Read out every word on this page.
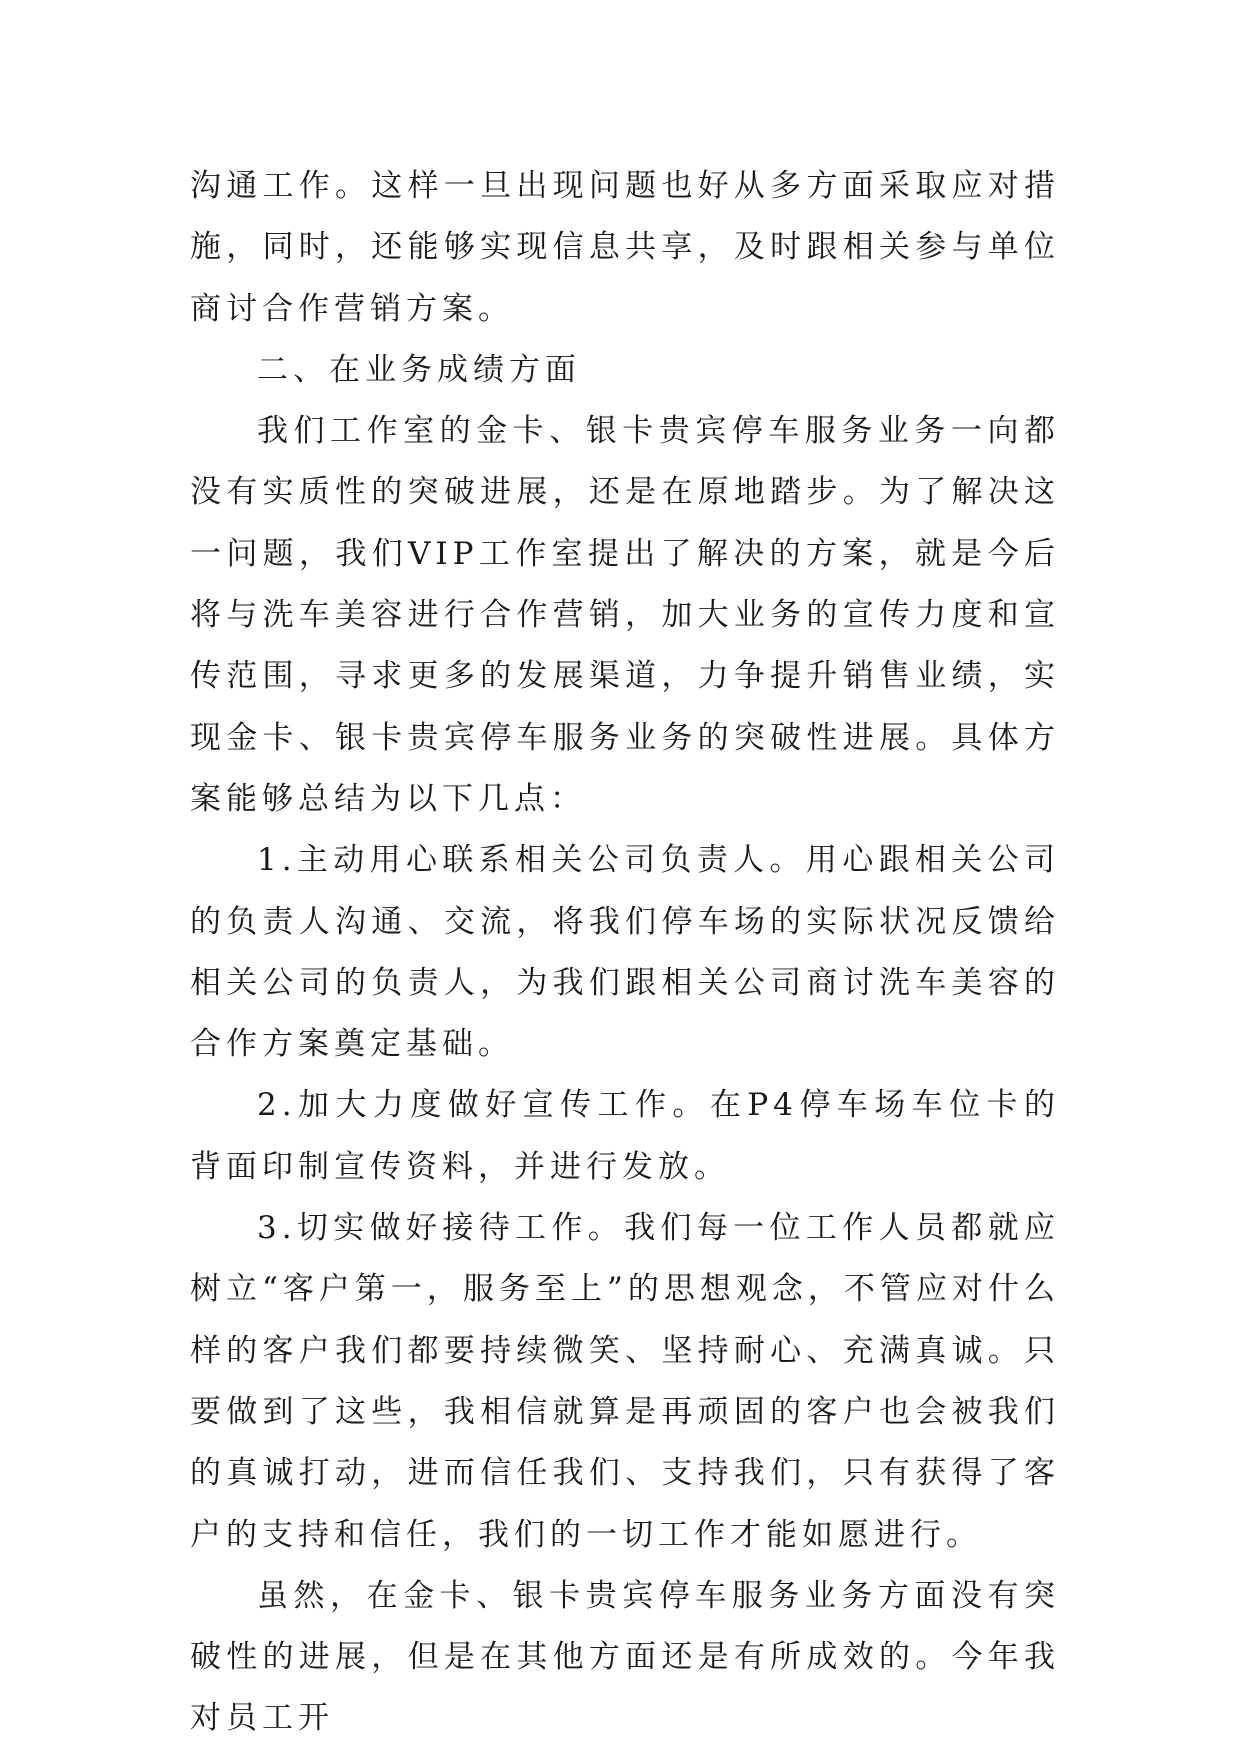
沟通工作。这样一旦出现问题也好从多方面采取应对措施，同时，还能够实现信息共享，及时跟相关参与单位商讨合作营销方案。

二、在业务成绩方面

我们工作室的金卡、银卡贵宾停车服务业务一向都没有实质性的突破进展，还是在原地踏步。为了解决这一问题，我们VIP工作室提出了解决的方案，就是今后将与洗车美容进行合作营销，加大业务的宣传力度和宣传范围，寻求更多的发展渠道，力争提升销售业绩，实现金卡、银卡贵宾停车服务业务的突破性进展。具体方案能够总结为以下几点：

1.主动用心联系相关公司负责人。用心跟相关公司的负责人沟通、交流，将我们停车场的实际状况反馈给相关公司的负责人，为我们跟相关公司商讨洗车美容的合作方案奠定基础。

2.加大力度做好宣传工作。在P4停车场车位卡的背面印制宣传资料，并进行发放。

3.切实做好接待工作。我们每一位工作人员都就应树立“客户第一，服务至上”的思想观念，不管应对什么样的客户我们都要持续微笑、坚持耐心、充满真诚。只要做到了这些，我相信就算是再顽固的客户也会被我们的真诚打动，进而信任我们、支持我们，只有获得了客户的支持和信任，我们的一切工作才能如愿进行。

虽然，在金卡、银卡贵宾停车服务业务方面没有突破性的进展，但是在其他方面还是有所成效的。今年我对员工开
